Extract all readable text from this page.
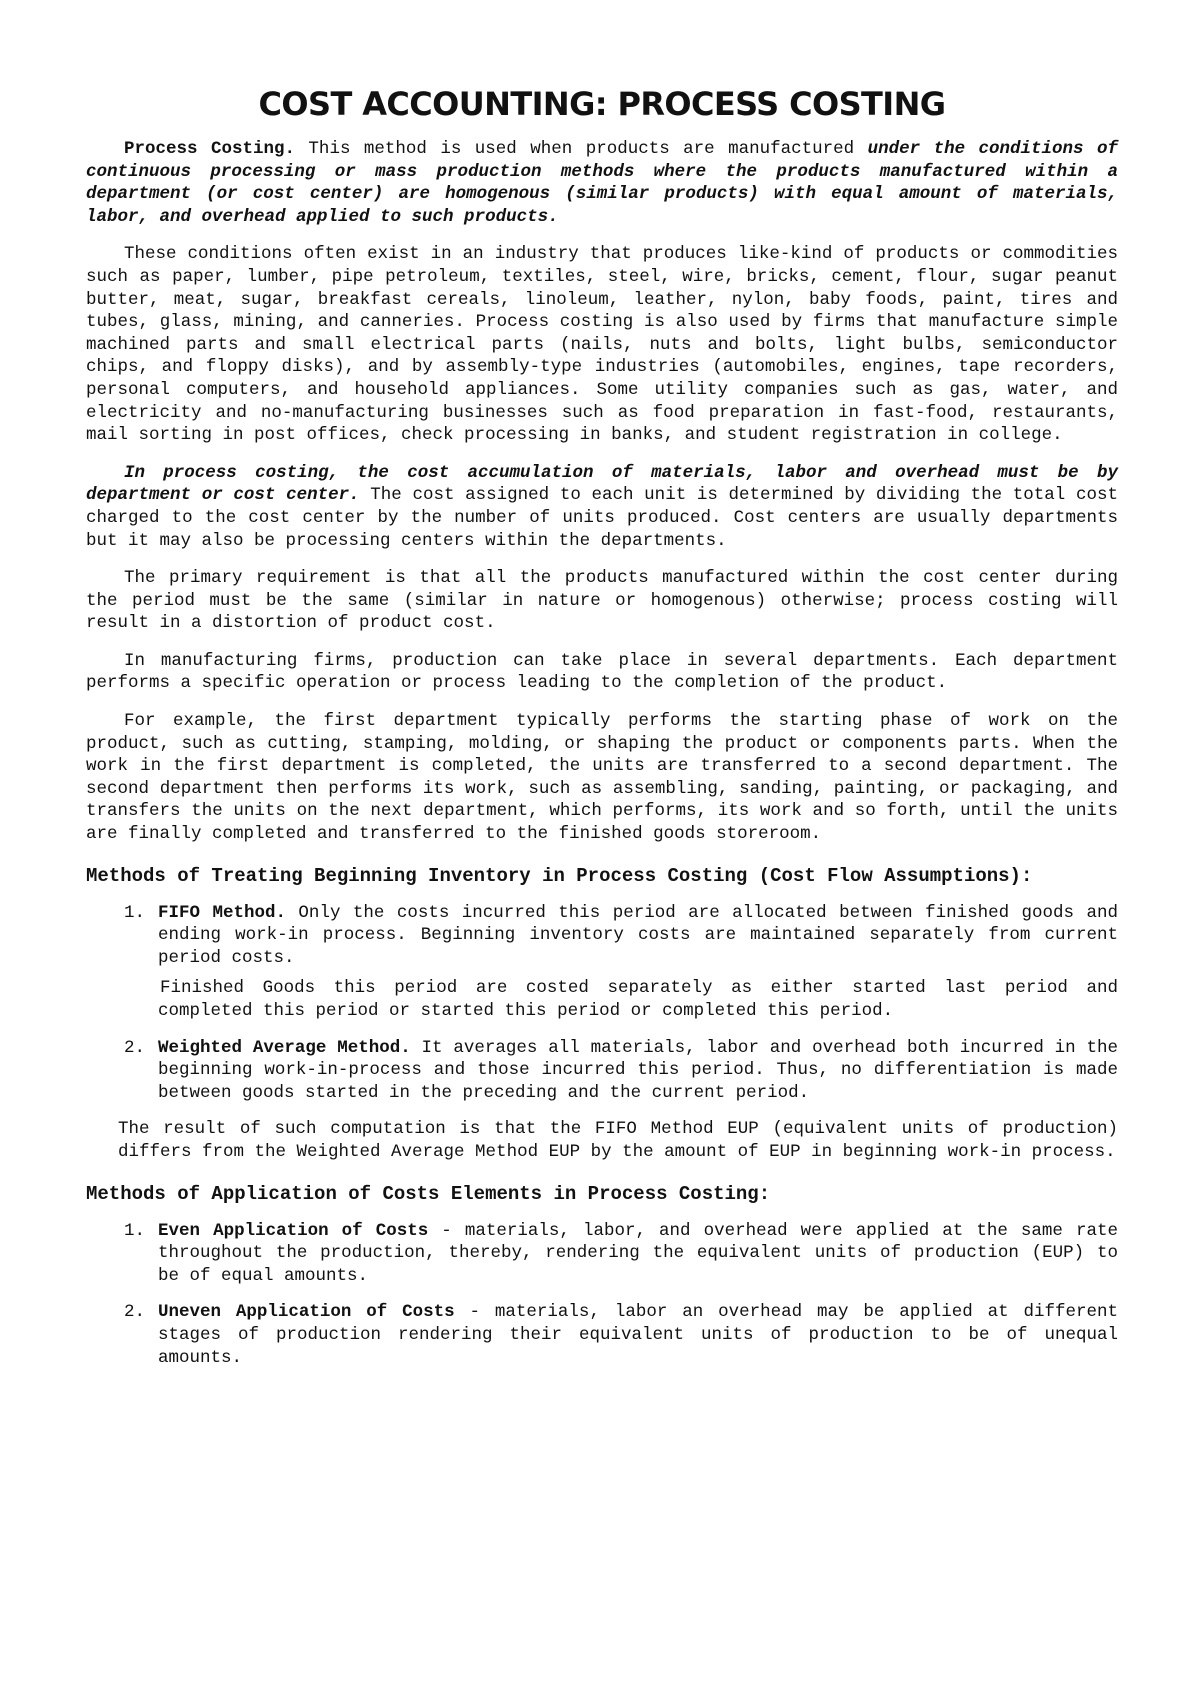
COST ACCOUNTING: PROCESS COSTING

Process Costing. This method is used when products are manufactured under the conditions of continuous processing or mass production methods where the products manufactured within a department (or cost center) are homogenous (similar products) with equal amount of materials, labor, and overhead applied to such products.

These conditions often exist in an industry that produces like-kind of products or commodities such as paper, lumber, pipe petroleum, textiles, steel, wire, bricks, cement, flour, sugar peanut butter, meat, sugar, breakfast cereals, linoleum, leather, nylon, baby foods, paint, tires and tubes, glass, mining, and canneries. Process costing is also used by firms that manufacture simple machined parts and small electrical parts (nails, nuts and bolts, light bulbs, semiconductor chips, and floppy disks), and by assembly-type industries (automobiles, engines, tape recorders, personal computers, and household appliances. Some utility companies such as gas, water, and electricity and no-manufacturing businesses such as food preparation in fast-food, restaurants, mail sorting in post offices, check processing in banks, and student registration in college.

In process costing, the cost accumulation of materials, labor and overhead must be by department or cost center. The cost assigned to each unit is determined by dividing the total cost charged to the cost center by the number of units produced. Cost centers are usually departments but it may also be processing centers within the departments.

The primary requirement is that all the products manufactured within the cost center during the period must be the same (similar in nature or homogenous) otherwise; process costing will result in a distortion of product cost.

In manufacturing firms, production can take place in several departments. Each department performs a specific operation or process leading to the completion of the product.

For example, the first department typically performs the starting phase of work on the product, such as cutting, stamping, molding, or shaping the product or components parts. When the work in the first department is completed, the units are transferred to a second department. The second department then performs its work, such as assembling, sanding, painting, or packaging, and transfers the units on the next department, which performs, its work and so forth, until the units are finally completed and transferred to the finished goods storeroom.

Methods of Treating Beginning Inventory in Process Costing (Cost Flow Assumptions):
1. FIFO Method. Only the costs incurred this period are allocated between finished goods and ending work-in process. Beginning inventory costs are maintained separately from current period costs.
Finished Goods this period are costed separately as either started last period and completed this period or started this period or completed this period.
2. Weighted Average Method. It averages all materials, labor and overhead both incurred in the beginning work-in-process and those incurred this period. Thus, no differentiation is made between goods started in the preceding and the current period.

The result of such computation is that the FIFO Method EUP (equivalent units of production) differs from the Weighted Average Method EUP by the amount of EUP in beginning work-in process.

Methods of Application of Costs Elements in Process Costing:
1. Even Application of Costs - materials, labor, and overhead were applied at the same rate throughout the production, thereby, rendering the equivalent units of production (EUP) to be of equal amounts.
2. Uneven Application of Costs - materials, labor an overhead may be applied at different stages of production rendering their equivalent units of production to be of unequal amounts.
